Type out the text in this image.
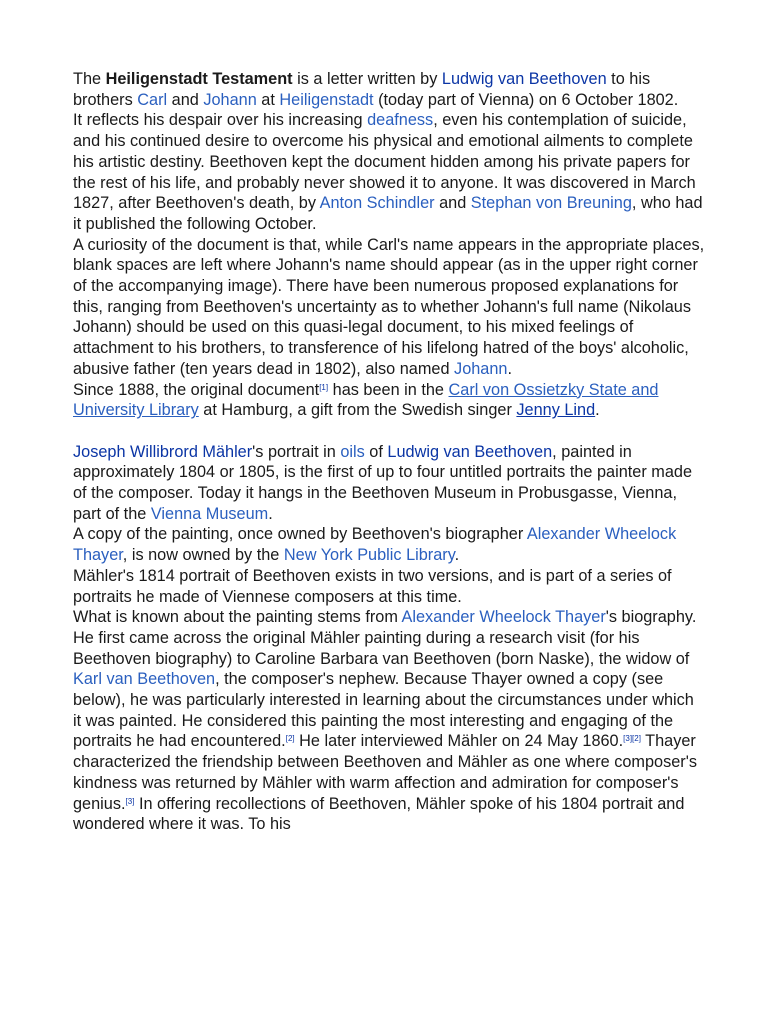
The Heiligenstadt Testament is a letter written by Ludwig van Beethoven to his brothers Carl and Johann at Heiligenstadt (today part of Vienna) on 6 October 1802.

It reflects his despair over his increasing deafness, even his contemplation of suicide, and his continued desire to overcome his physical and emotional ailments to complete his artistic destiny. Beethoven kept the document hidden among his private papers for the rest of his life, and probably never showed it to anyone. It was discovered in March 1827, after Beethoven's death, by Anton Schindler and Stephan von Breuning, who had it published the following October.

A curiosity of the document is that, while Carl's name appears in the appropriate places, blank spaces are left where Johann's name should appear (as in the upper right corner of the accompanying image). There have been numerous proposed explanations for this, ranging from Beethoven's uncertainty as to whether Johann's full name (Nikolaus Johann) should be used on this quasi-legal document, to his mixed feelings of attachment to his brothers, to transference of his lifelong hatred of the boys' alcoholic, abusive father (ten years dead in 1802), also named Johann.

Since 1888, the original document[1] has been in the Carl von Ossietzky State and University Library at Hamburg, a gift from the Swedish singer Jenny Lind.

Joseph Willibrord Mähler's portrait in oils of Ludwig van Beethoven, painted in approximately 1804 or 1805, is the first of up to four untitled portraits the painter made of the composer. Today it hangs in the Beethoven Museum in Probusgasse, Vienna, part of the Vienna Museum.

A copy of the painting, once owned by Beethoven's biographer Alexander Wheelock Thayer, is now owned by the New York Public Library.

Mähler's 1814 portrait of Beethoven exists in two versions, and is part of a series of portraits he made of Viennese composers at this time.

What is known about the painting stems from Alexander Wheelock Thayer's biography. He first came across the original Mähler painting during a research visit (for his Beethoven biography) to Caroline Barbara van Beethoven (born Naske), the widow of Karl van Beethoven, the composer's nephew. Because Thayer owned a copy (see below), he was particularly interested in learning about the circumstances under which it was painted. He considered this painting the most interesting and engaging of the portraits he had encountered.[2] He later interviewed Mähler on 24 May 1860.[3][2] Thayer characterized the friendship between Beethoven and Mähler as one where composer's kindness was returned by Mähler with warm affection and admiration for composer's genius.[3] In offering recollections of Beethoven, Mähler spoke of his 1804 portrait and wondered where it was. To his
